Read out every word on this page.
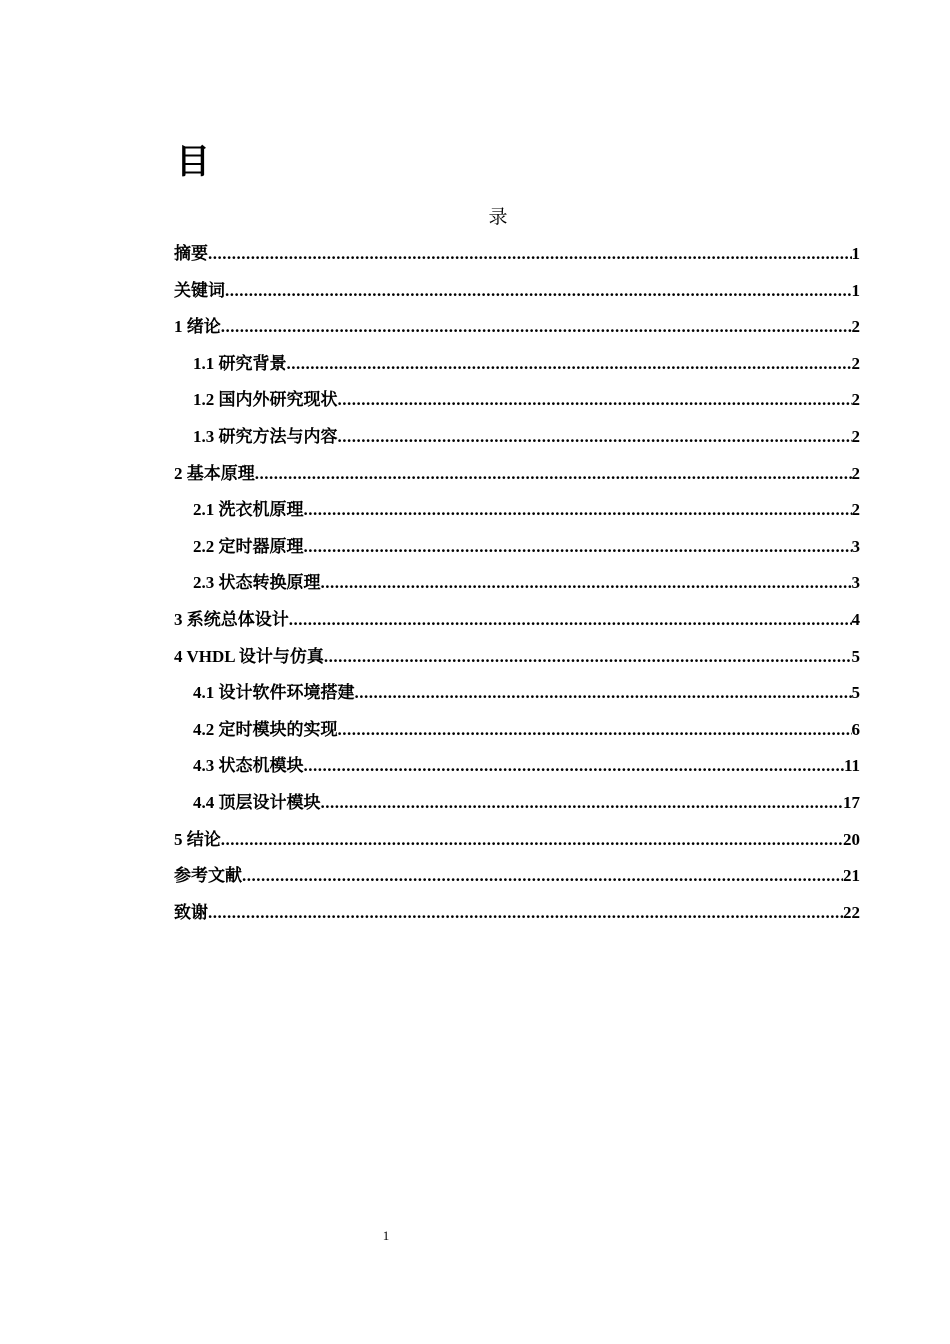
目
录
摘要 .....	1
关键词 .....	1
1 绪论 .....	2
1.1 研究背景 .....	2
1.2 国内外研究现状 .....	2
1.3 研究方法与内容 .....	2
2 基本原理 .....	2
2.1 洗衣机原理 .....	2
2.2 定时器原理 .....	3
2.3 状态转换原理 .....	3
3 系统总体设计 .....	4
4 VHDL 设计与仿真 .....	5
4.1 设计软件环境搭建 .....	5
4.2 定时模块的实现 .....	6
4.3 状态机模块 .....	11
4.4 顶层设计模块 .....	17
5 结论 .....	20
参考文献 .....	21
致谢 .....	22
1
